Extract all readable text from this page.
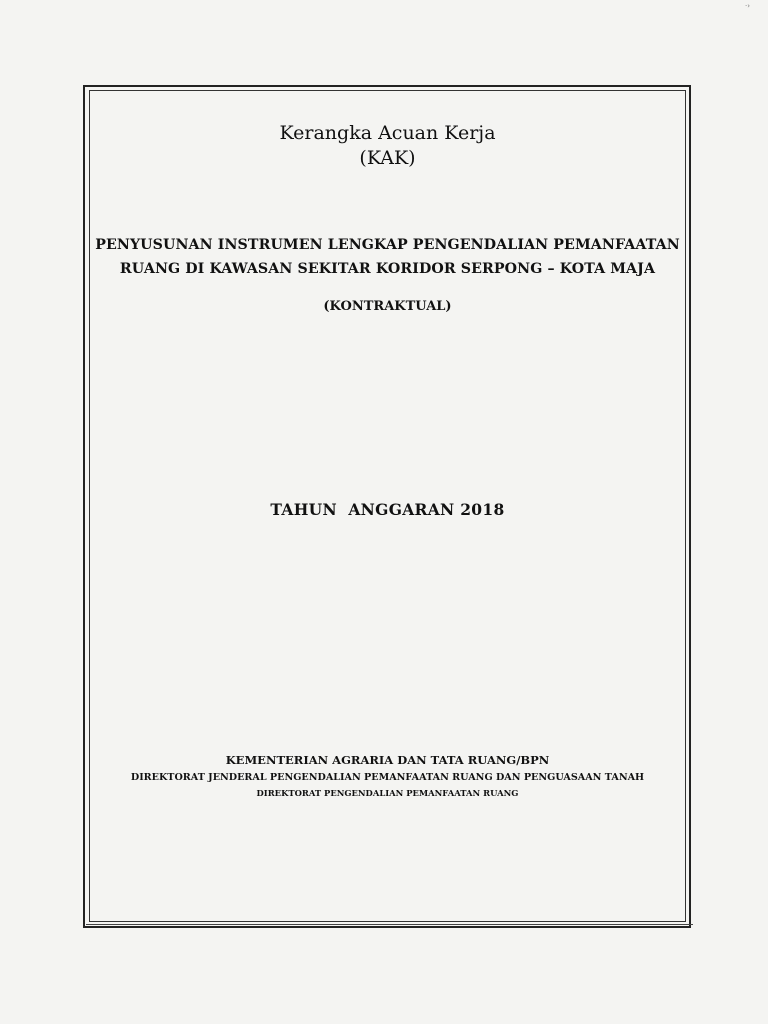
·›
Kerangka Acuan Kerja
(KAK)
PENYUSUNAN INSTRUMEN LENGKAP PENGENDALIAN PEMANFAATAN
RUANG DI KAWASAN SEKITAR KORIDOR SERPONG – KOTA MAJA
(KONTRAKTUAL)
TAHUN  ANGGARAN 2018
KEMENTERIAN AGRARIA DAN TATA RUANG/BPN
DIREKTORAT JENDERAL PENGENDALIAN PEMANFAATAN RUANG DAN PENGUASAAN TANAH
DIREKTORAT PENGENDALIAN PEMANFAATAN RUANG
